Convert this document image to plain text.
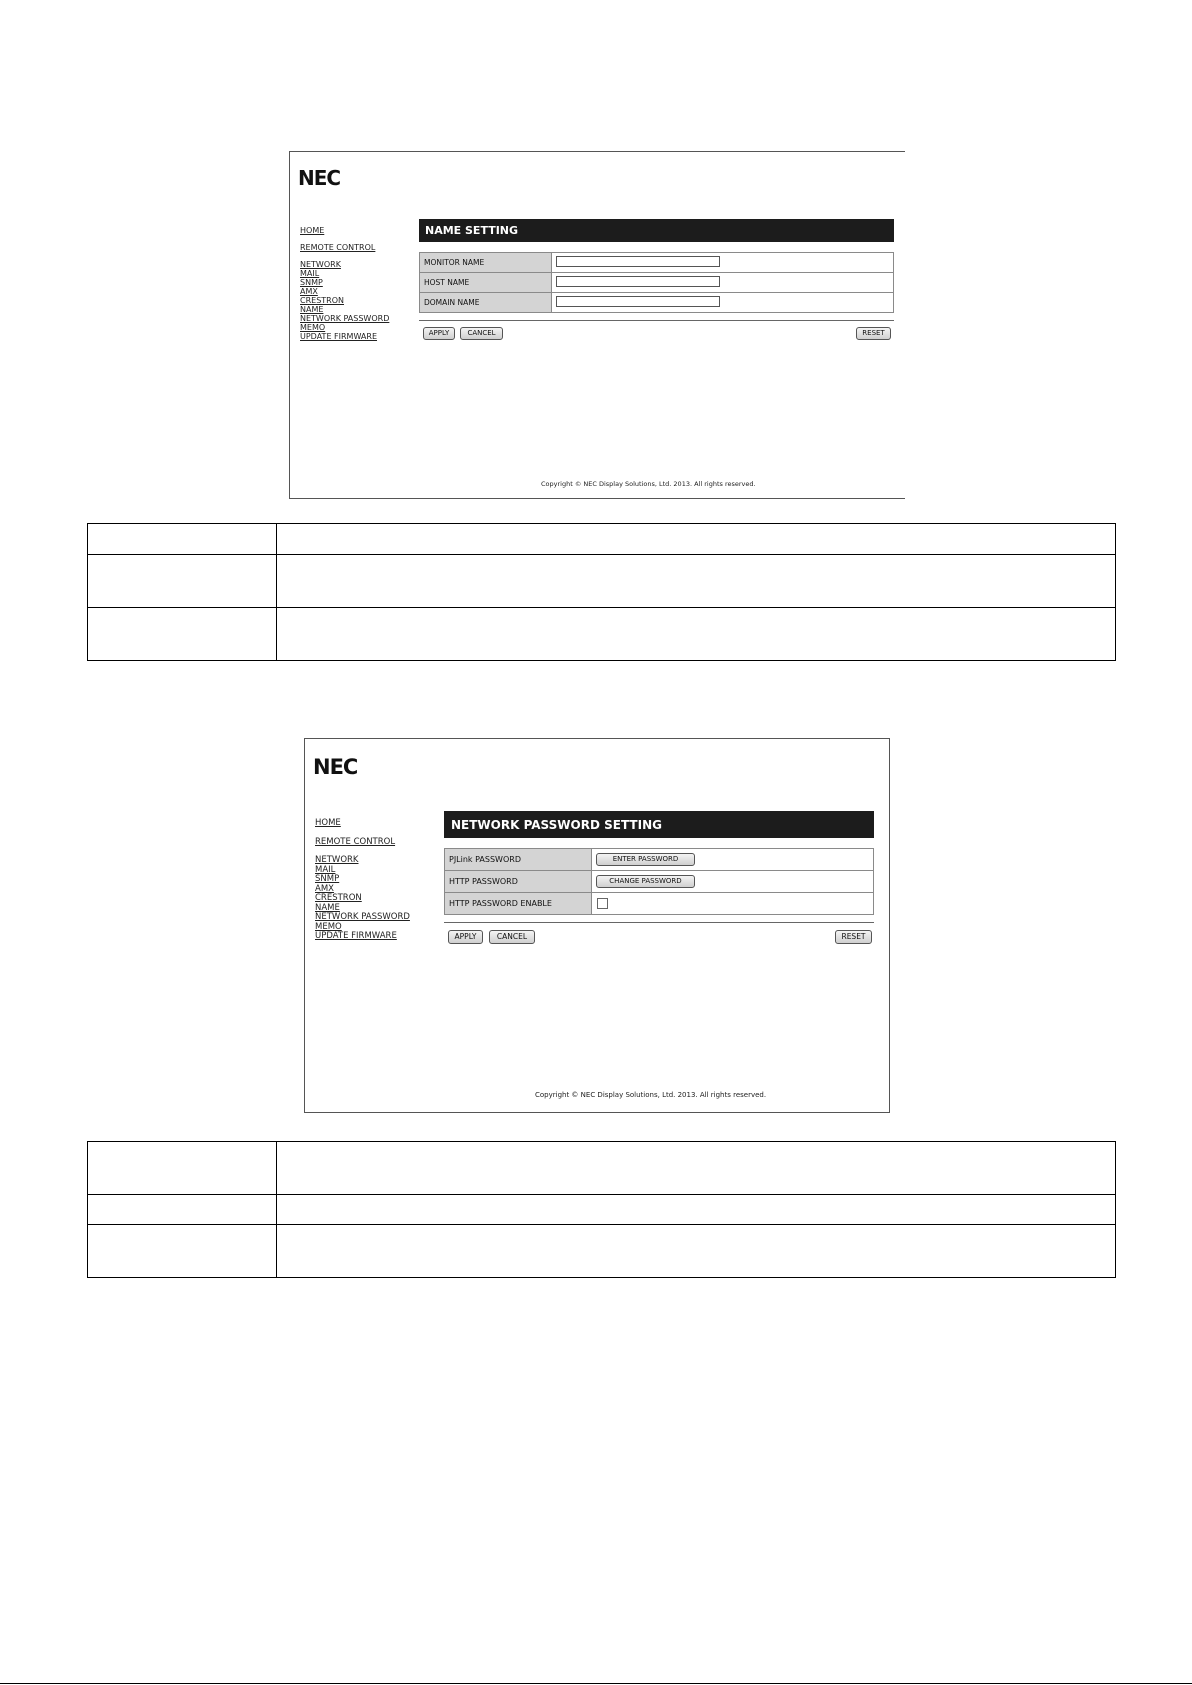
NEC
HOME
REMOTE CONTROL
NETWORK
MAIL
SNMP
AMX
CRESTRON
NAME
NETWORK PASSWORD
MEMO
UPDATE FIRMWARE
NAME SETTING
MONITOR NAME	
HOST NAME	
DOMAIN NAME	
APPLY	CANCEL	RESET
Copyright © NEC Display Solutions, Ltd. 2013. All rights reserved.

NEC
HOME
REMOTE CONTROL
NETWORK
MAIL
SNMP
AMX
CRESTRON
NAME
NETWORK PASSWORD
MEMO
UPDATE FIRMWARE
NETWORK PASSWORD SETTING
PJLink PASSWORD	ENTER PASSWORD
HTTP PASSWORD	CHANGE PASSWORD
HTTP PASSWORD ENABLE	
APPLY	CANCEL	RESET
Copyright © NEC Display Solutions, Ltd. 2013. All rights reserved.
